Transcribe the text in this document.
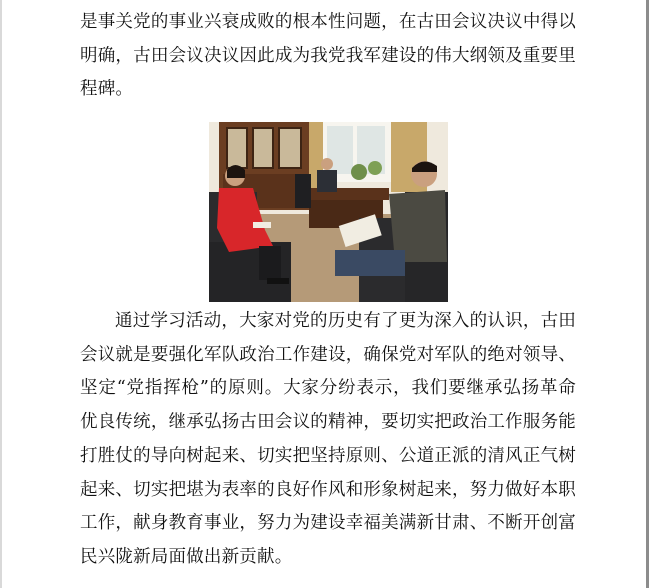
是事关党的事业兴衰成败的根本性问题，在古田会议决议中得以明确，古田会议决议因此成为我党我军建设的伟大纲领及重要里程碑。

通过学习活动，大家对党的历史有了更为深入的认识，古田会议就是要强化军队政治工作建设，确保党对军队的绝对领导、坚定“党指挥枪”的原则。大家分纷表示，我们要继承弘扬革命优良传统，继承弘扬古田会议的精神，要切实把政治工作服务能打胜仗的导向树起来、切实把坚持原则、公道正派的清风正气树起来、切实把堪为表率的良好作风和形象树起来，努力做好本职工作，献身教育事业，努力为建设幸福美满新甘肃、不断开创富民兴陇新局面做出新贡献。
